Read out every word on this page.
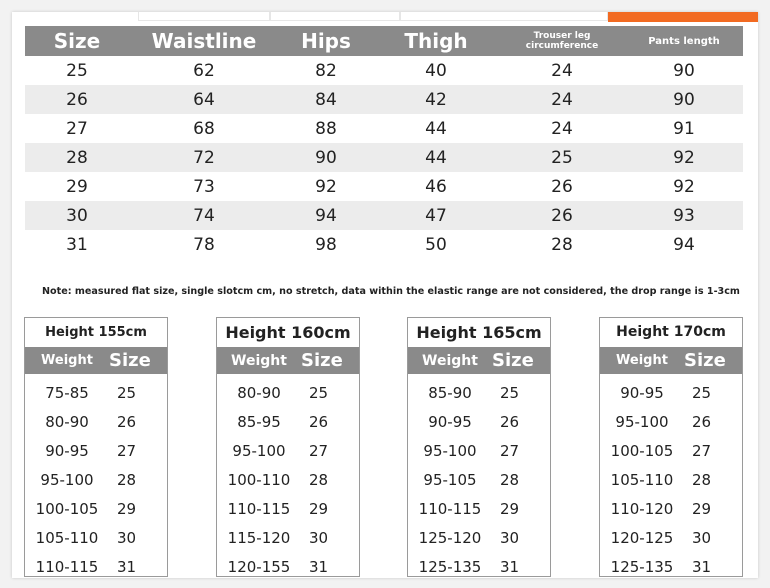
Size	Waistline	Hips	Thigh	Trouser leg circumference	Pants length
25	62	82	40	24	90
26	64	84	42	24	90
27	68	88	44	24	91
28	72	90	44	25	92
29	73	92	46	26	92
30	74	94	47	26	93
31	78	98	50	28	94
Note: measured flat size, single slotcm cm, no stretch, data within the elastic range are not considered, the drop range is 1-3cm
Height 155cm
Weight Size
75-85	25
80-90	26
90-95	27
95-100	28
100-105	29
105-110	30
110-115	31
Height 160cm
Weight Size
80-90	25
85-95	26
95-100	27
100-110	28
110-115	29
115-120	30
120-155	31
Height 165cm
Weight Size
85-90	25
90-95	26
95-100	27
95-105	28
110-115	29
125-120	30
125-135	31
Height 170cm
Weight Size
90-95	25
95-100	26
100-105	27
105-110	28
110-120	29
120-125	30
125-135	31
